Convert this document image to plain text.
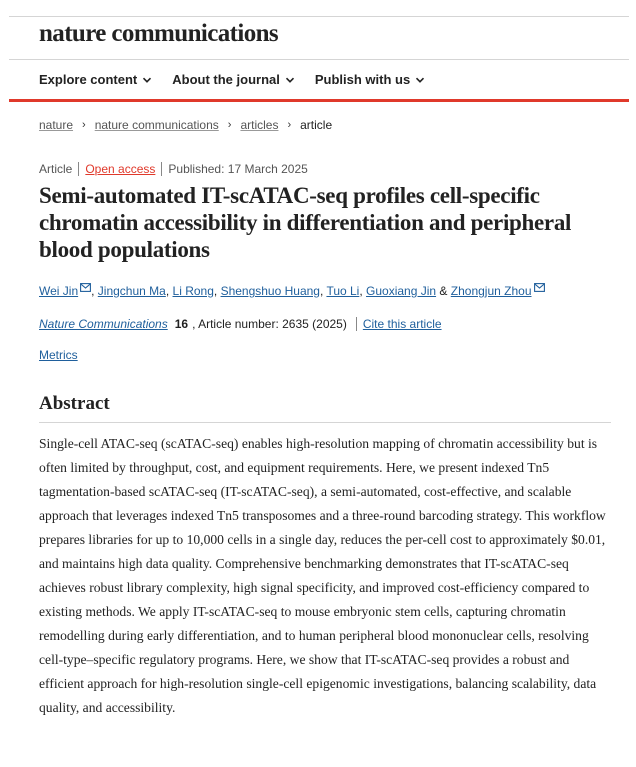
nature communications
Explore content	About the journal	Publish with us
nature › nature communications › articles › article
Article Open access Published: 17 March 2025
Semi-automated IT-scATAC-seq profiles cell-specific chromatin accessibility in differentiation and peripheral blood populations
Wei Jin , Jingchun Ma, Li Rong, Shengshuo Huang, Tuo Li, Guoxiang Jin & Zhongjun Zhou
Nature Communications 16 , Article number: 2635 (2025) Cite this article
Metrics
Abstract

Single-cell ATAC-seq (scATAC-seq) enables high-resolution mapping of chromatin accessibility but is often limited by throughput, cost, and equipment requirements. Here, we present indexed Tn5 tagmentation-based scATAC-seq (IT-scATAC-seq), a semi-automated, cost-effective, and scalable approach that leverages indexed Tn5 transposomes and a three-round barcoding strategy. This workflow prepares libraries for up to 10,000 cells in a single day, reduces the per-cell cost to approximately $0.01, and maintains high data quality. Comprehensive benchmarking demonstrates that IT-scATAC-seq achieves robust library complexity, high signal specificity, and improved cost-efficiency compared to existing methods. We apply IT-scATAC-seq to mouse embryonic stem cells, capturing chromatin remodelling during early differentiation, and to human peripheral blood mononuclear cells, resolving cell-type–specific regulatory programs. Here, we show that IT-scATAC-seq provides a robust and efficient approach for high-resolution single-cell epigenomic investigations, balancing scalability, data quality, and accessibility.
